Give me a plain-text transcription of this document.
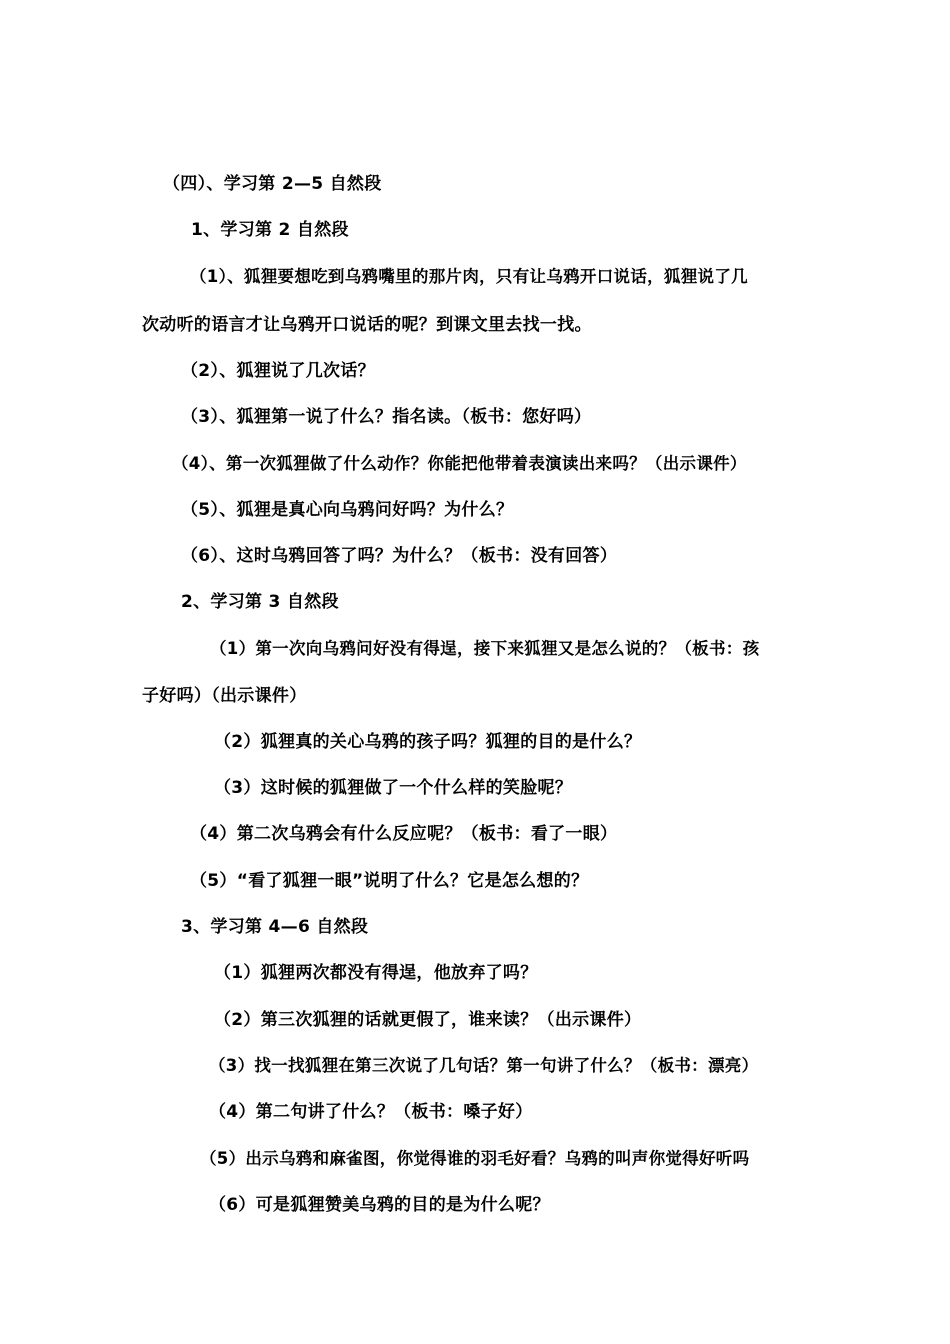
（四）、学习第 2—5 自然段
1、学习第 2 自然段
（1）、狐狸要想吃到乌鸦嘴里的那片肉，只有让乌鸦开口说话，狐狸说了几
次动听的语言才让乌鸦开口说话的呢？到课文里去找一找。
（2）、狐狸说了几次话？
（3）、狐狸第一说了什么？指名读。（板书：您好吗）
（4）、第一次狐狸做了什么动作？你能把他带着表演读出来吗？（出示课件）
（5）、狐狸是真心向乌鸦问好吗？为什么？
（6）、这时乌鸦回答了吗？为什么？（板书：没有回答）
2、学习第 3 自然段
（1）第一次向乌鸦问好没有得逞，接下来狐狸又是怎么说的？（板书：孩
子好吗）（出示课件）
（2）狐狸真的关心乌鸦的孩子吗？狐狸的目的是什么？
（3）这时候的狐狸做了一个什么样的笑脸呢？
（4）第二次乌鸦会有什么反应呢？（板书：看了一眼）
（5）“看了狐狸一眼”说明了什么？它是怎么想的？
3、学习第 4—6 自然段
（1）狐狸两次都没有得逞，他放弃了吗？
（2）第三次狐狸的话就更假了，谁来读？（出示课件）
（3）找一找狐狸在第三次说了几句话？第一句讲了什么？（板书：漂亮）
（4）第二句讲了什么？（板书：嗓子好）
（5）出示乌鸦和麻雀图，你觉得谁的羽毛好看？乌鸦的叫声你觉得好听吗
（6）可是狐狸赞美乌鸦的目的是为什么呢？
